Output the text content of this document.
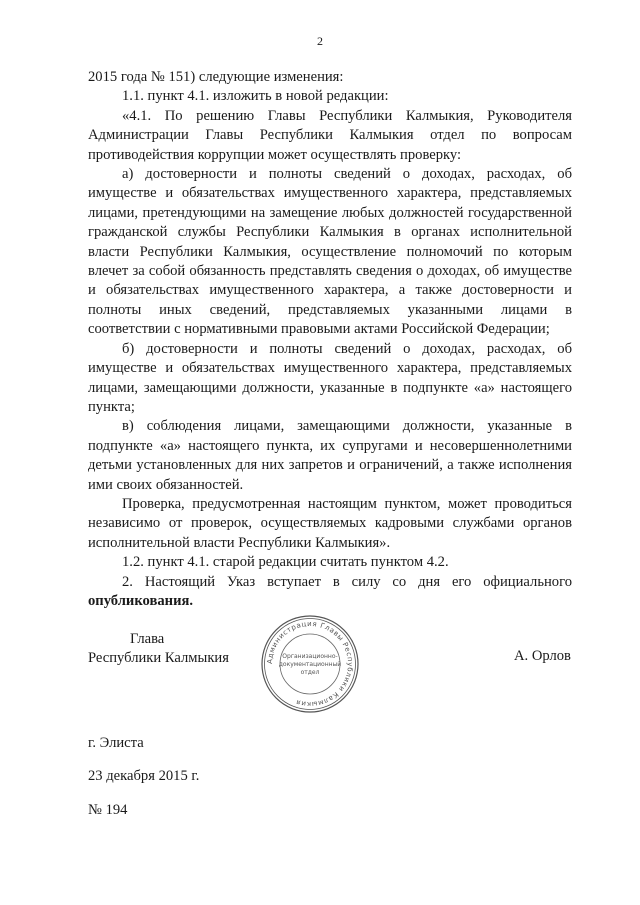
2

2015 года № 151) следующие изменения:

1.1. пункт 4.1. изложить в новой редакции:

«4.1. По решению Главы Республики Калмыкия, Руководителя Администрации Главы Республики Калмыкия отдел по вопросам противодействия коррупции может осуществлять проверку:

а) достоверности и полноты сведений о доходах, расходах, об имуществе и обязательствах имущественного характера, представляемых лицами, претендующими на замещение любых должностей государственной гражданской службы Республики Калмыкия в органах исполнительной власти Республики Калмыкия, осуществление полномочий по которым влечет за собой обязанность представлять сведения о доходах, об имуществе и обязательствах имущественного характера, а также достоверности и полноты иных сведений, представляемых указанными лицами в соответствии с нормативными правовыми актами Российской Федерации;

б) достоверности и полноты сведений о доходах, расходах, об имуществе и обязательствах имущественного характера, представляемых лицами, замещающими должности, указанные в подпункте «а» настоящего пункта;

в) соблюдения лицами, замещающими должности, указанные в подпункте «а» настоящего пункта, их супругами и несовершеннолетними детьми установленных для них запретов и ограничений, а также исполнения ими своих обязанностей.

Проверка, предусмотренная настоящим пунктом, может проводиться независимо от проверок, осуществляемых кадровыми службами органов исполнительной власти Республики Калмыкия».

1.2. пункт 4.1. старой редакции считать пунктом 4.2.

2. Настоящий Указ вступает в силу со дня его официального опубликования.

Глава
Республики Калмыкия	Администрация Главы Республики Калмыкия
Организационно-
документационный
отдел
А. Орлов
г. Элиста
23 декабря 2015 г.
№ 194
